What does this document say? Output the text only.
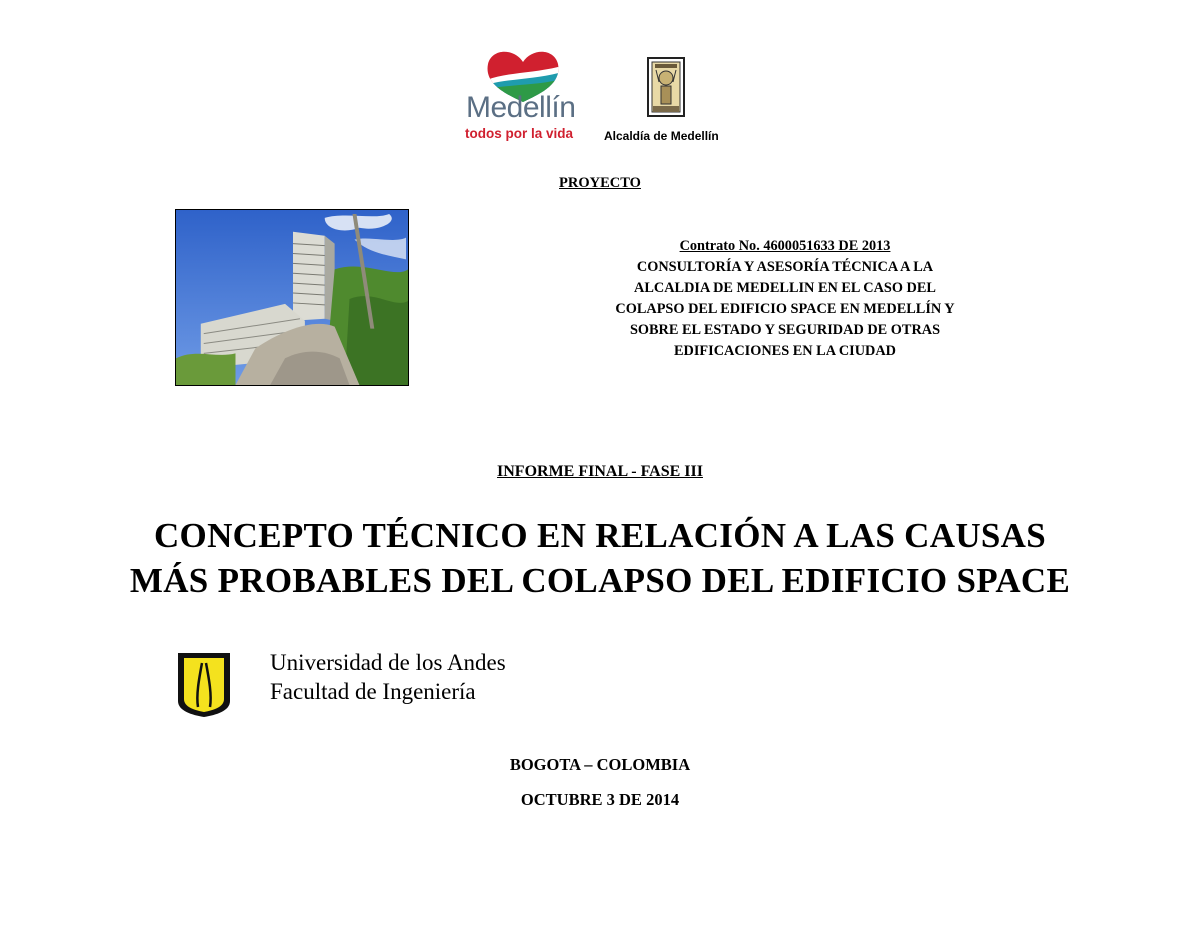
Medellín
todos por la vida	Alcaldía de Medellín
PROYECTO
Contrato No. 4600051633 DE 2013
CONSULTORÍA Y ASESORÍA TÉCNICA A LA
ALCALDIA DE MEDELLIN EN EL CASO DEL
COLAPSO DEL EDIFICIO SPACE EN MEDELLÍN Y
SOBRE EL ESTADO Y SEGURIDAD DE OTRAS
EDIFICACIONES EN LA CIUDAD
INFORME FINAL - FASE III
CONCEPTO TÉCNICO EN RELACIÓN A LAS CAUSAS
MÁS PROBABLES DEL COLAPSO DEL EDIFICIO SPACE
Universidad de los Andes
Facultad de Ingeniería
BOGOTA – COLOMBIA
OCTUBRE 3 DE 2014
